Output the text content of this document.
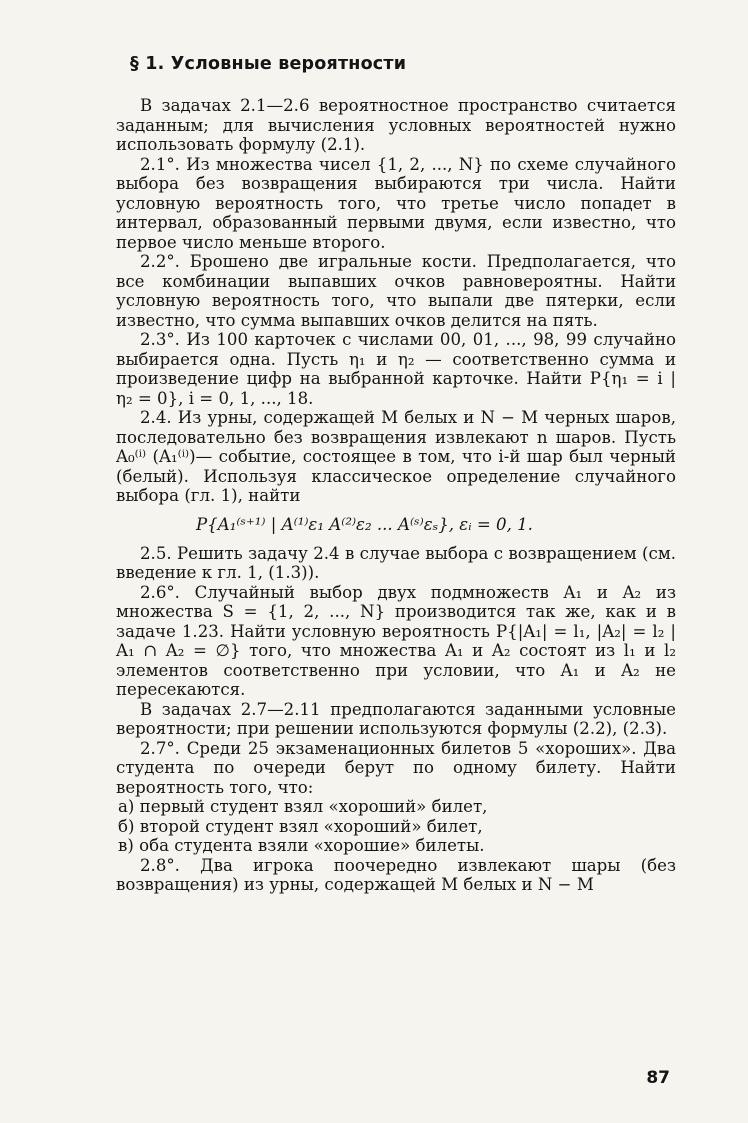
§ 1. Условные вероятности

В задачах 2.1—2.6 вероятностное пространство считается заданным; для вычисления условных вероятностей нужно использовать формулу (2.1).

2.1°. Из множества чисел {1, 2, ..., N} по схеме случайного выбора без возвращения выбираются три числа. Найти условную вероятность того, что третье число попадет в интервал, образованный первыми двумя, если известно, что первое число меньше второго.

2.2°. Брошено две игральные кости. Предполагается, что все комбинации выпавших очков равновероятны. Найти условную вероятность того, что выпали две пятерки, если известно, что сумма выпавших очков делится на пять.

2.3°. Из 100 карточек с числами 00, 01, ..., 98, 99 случайно выбирается одна. Пусть η₁ и η₂ — соответственно сумма и произведение цифр на выбранной карточке. Найти P{η₁ = i | η₂ = 0}, i = 0, 1, ..., 18.

2.4. Из урны, содержащей M белых и N − M черных шаров, последовательно без возвращения извлекают n шаров. Пусть A₀⁽ⁱ⁾ (A₁⁽ⁱ⁾)— событие, состоящее в том, что i-й шар был черный (белый). Используя классическое определение случайного выбора (гл. 1), найти

P{A₁⁽ˢ⁺¹⁾ | A⁽¹⁾ε₁ A⁽²⁾ε₂ ... A⁽ˢ⁾εₛ}, εᵢ = 0, 1.

2.5. Решить задачу 2.4 в случае выбора с возвращением (см. введение к гл. 1, (1.3)).

2.6°. Случайный выбор двух подмножеств A₁ и A₂ из множества S = {1, 2, ..., N} производится так же, как и в задаче 1.23. Найти условную вероятность P{|A₁| = l₁, |A₂| = l₂ | A₁ ∩ A₂ = ∅} того, что множества A₁ и A₂ состоят из l₁ и l₂ элементов соответственно при условии, что A₁ и A₂ не пересекаются.

В задачах 2.7—2.11 предполагаются заданными условные вероятности; при решении используются формулы (2.2), (2.3).

2.7°. Среди 25 экзаменационных билетов 5 «хороших». Два студента по очереди берут по одному билету. Найти вероятность того, что:

а) первый студент взял «хороший» билет,
б) второй студент взял «хороший» билет,
в) оба студента взяли «хорошие» билеты.

2.8°. Два игрока поочередно извлекают шары (без возвращения) из урны, содержащей M белых и N − M

87
